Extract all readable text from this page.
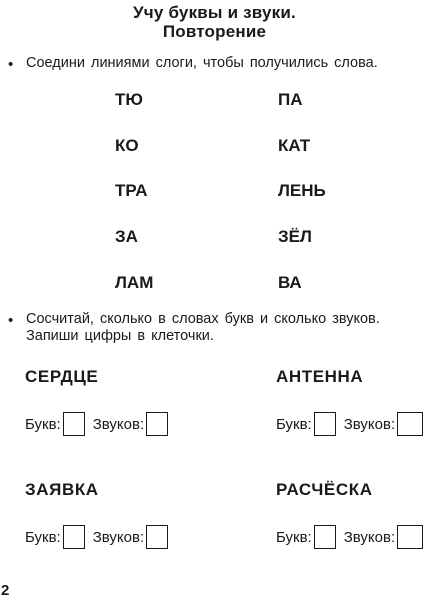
Учу буквы и звуки.
Повторение
• Соедини линиями слоги, чтобы получились слова.
ТЮ
КО
ТРА
ЗА
ЛАМ
ПА
КАТ
ЛЕНЬ
ЗЁЛ
ВА
• Сосчитай, сколько в словах букв и сколько звуков.
Запиши цифры в клеточки.
СЕРДЦЕ
Букв: Звуков:
АНТЕННА
Букв: Звуков:
ЗАЯВКА
Букв: Звуков:
РАСЧЁСКА
Букв: Звуков:
2
